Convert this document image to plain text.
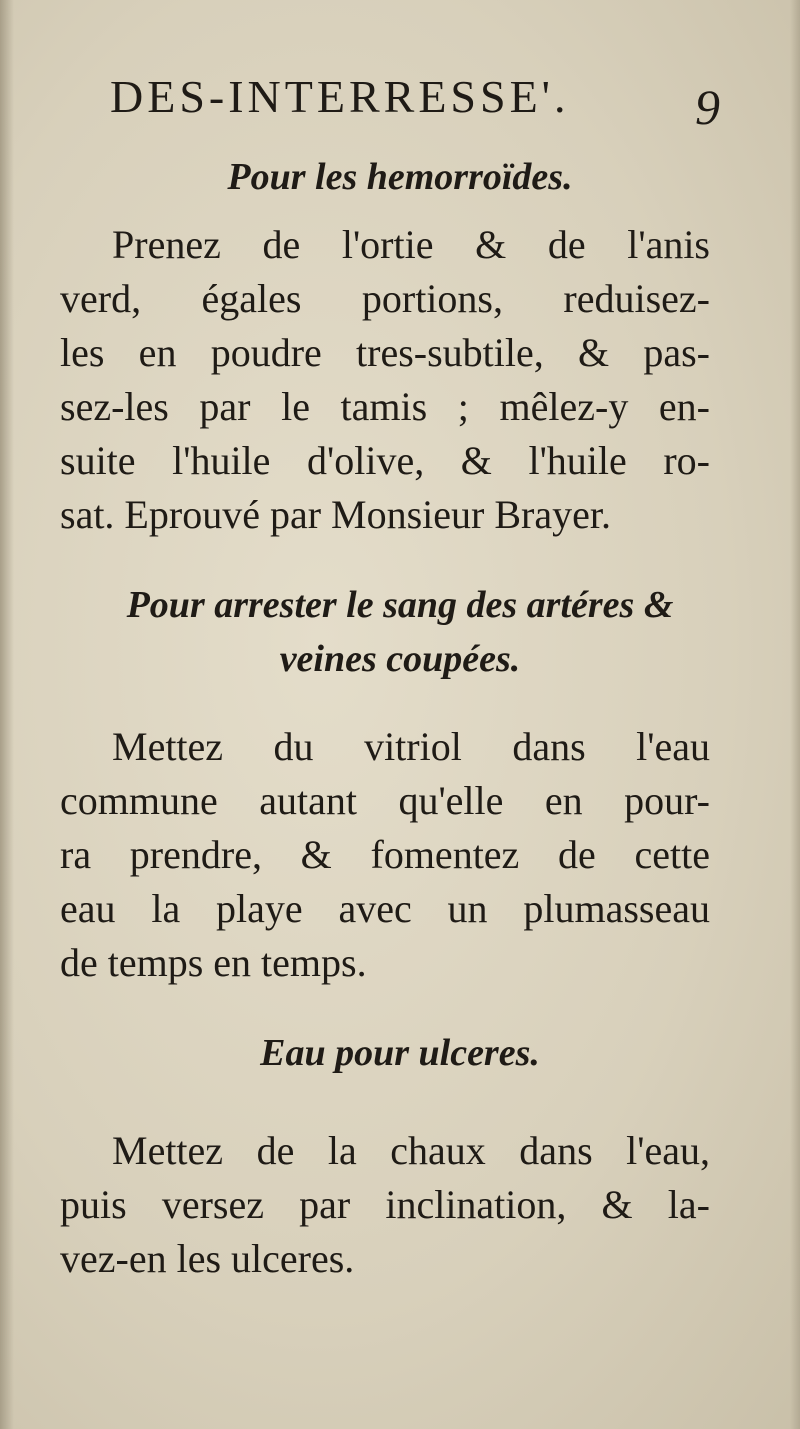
DES-INTERRESSE'.	9
Pour les hemorroïdes.
Prenez de l'ortie & de l'anis
verd, égales portions, reduisez-
les en poudre tres-subtile, & pas-
sez-les par le tamis ; mêlez-y en-
suite l'huile d'olive, & l'huile ro-
sat. Eprouvé par Monsieur Brayer.
Pour arrester le sang des artéres &
veines coupées.
Mettez du vitriol dans l'eau
commune autant qu'elle en pour-
ra prendre, & fomentez de cette
eau la playe avec un plumasseau
de temps en temps.
Eau pour ulceres.
Mettez de la chaux dans l'eau,
puis versez par inclination, & la-
vez-en les ulceres.
